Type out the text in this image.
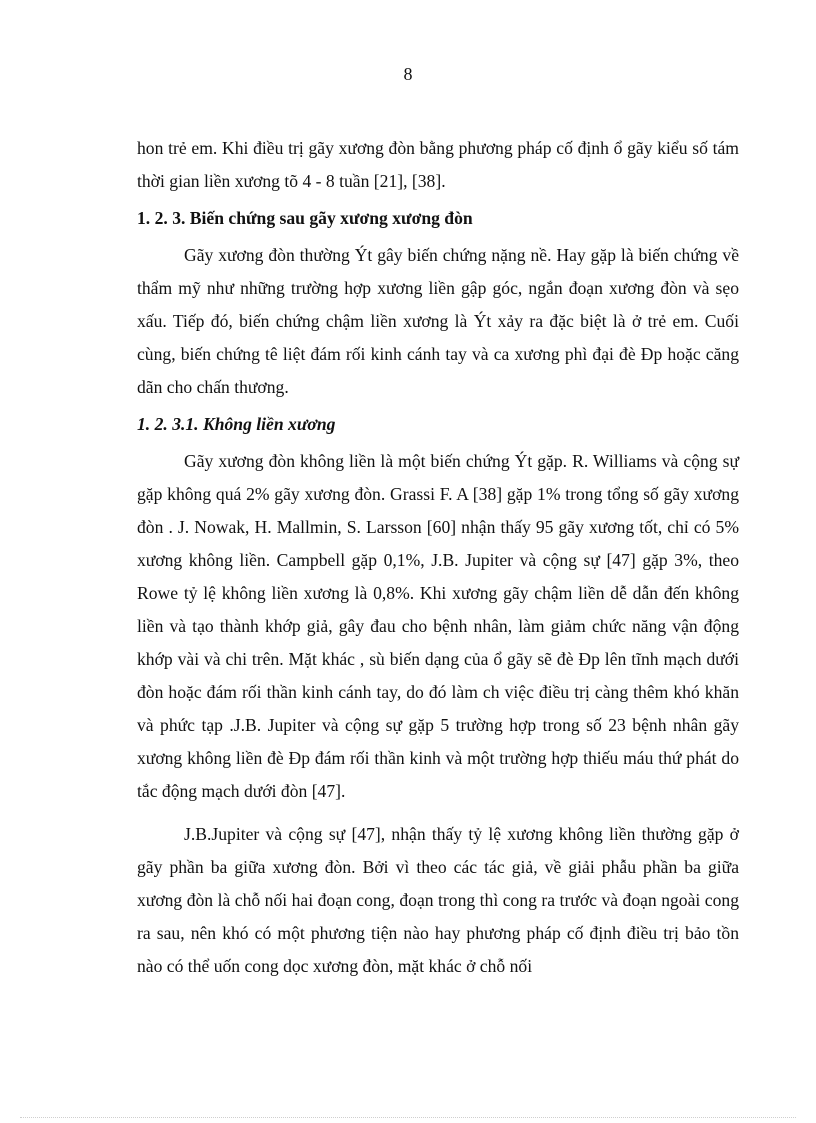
8

hon trẻ em. Khi điều trị gãy xương đòn bằng phương pháp cố định ổ gãy kiểu số tám thời gian liền xương tõ 4 - 8 tuần [21], [38].

1. 2. 3. Biến chứng sau gãy xương xương đòn

Gãy xương đòn thường Ýt gây biến chứng nặng nề. Hay gặp là biến chứng về thẩm mỹ như những trường hợp xương liền gập góc, ngắn đoạn xương đòn và sẹo xấu. Tiếp đó, biến chứng chậm liền xương là Ýt xảy ra đặc biệt là ở trẻ em. Cuối cùng, biến chứng tê liệt đám rối kinh cánh tay và ca xương phì đại đè Ðp hoặc căng dãn cho chấn thương.

1. 2. 3.1. Không liền xương

Gãy xương đòn không liền là một biến chứng Ýt gặp. R. Williams và cộng sự gặp không quá 2% gãy xương đòn. Grassi F. A [38] gặp 1% trong tổng số gãy xương đòn . J. Nowak, H. Mallmin, S. Larsson [60] nhận thấy 95 gãy xương tốt, chỉ có 5% xương không liền. Campbell gặp 0,1%, J.B. Jupiter và cộng sự [47] gặp 3%, theo Rowe tỷ lệ không liền xương là 0,8%. Khi xương gãy chậm liền dễ dẫn đến không liền và tạo thành khớp giả, gây đau cho bệnh nhân, làm giảm chức năng vận động khớp vài và chi trên. Mặt khác , sù biến dạng của ổ gãy sẽ đè Ðp lên tĩnh mạch dưới đòn hoặc đám rối thần kinh cánh tay, do đó làm ch việc điều trị càng thêm khó khăn và phức tạp .J.B. Jupiter và cộng sự gặp 5 trường hợp trong số 23 bệnh nhân gãy xương không liền đè Ðp đám rối thần kinh và một trường hợp thiếu máu thứ phát do tắc động mạch dưới đòn [47].

J.B.Jupiter và cộng sự [47], nhận thấy tỷ lệ xương không liền thường gặp ở gãy phần ba giữa xương đòn. Bởi vì theo các tác giả, về giải phẫu phần ba giữa xương đòn là chỗ nối hai đoạn cong, đoạn trong thì cong ra trước và đoạn ngoài cong ra sau, nên khó có một phương tiện nào hay phương pháp cố định điều trị bảo tồn nào có thể uốn cong dọc xương đòn, mặt khác ở chỗ nối
